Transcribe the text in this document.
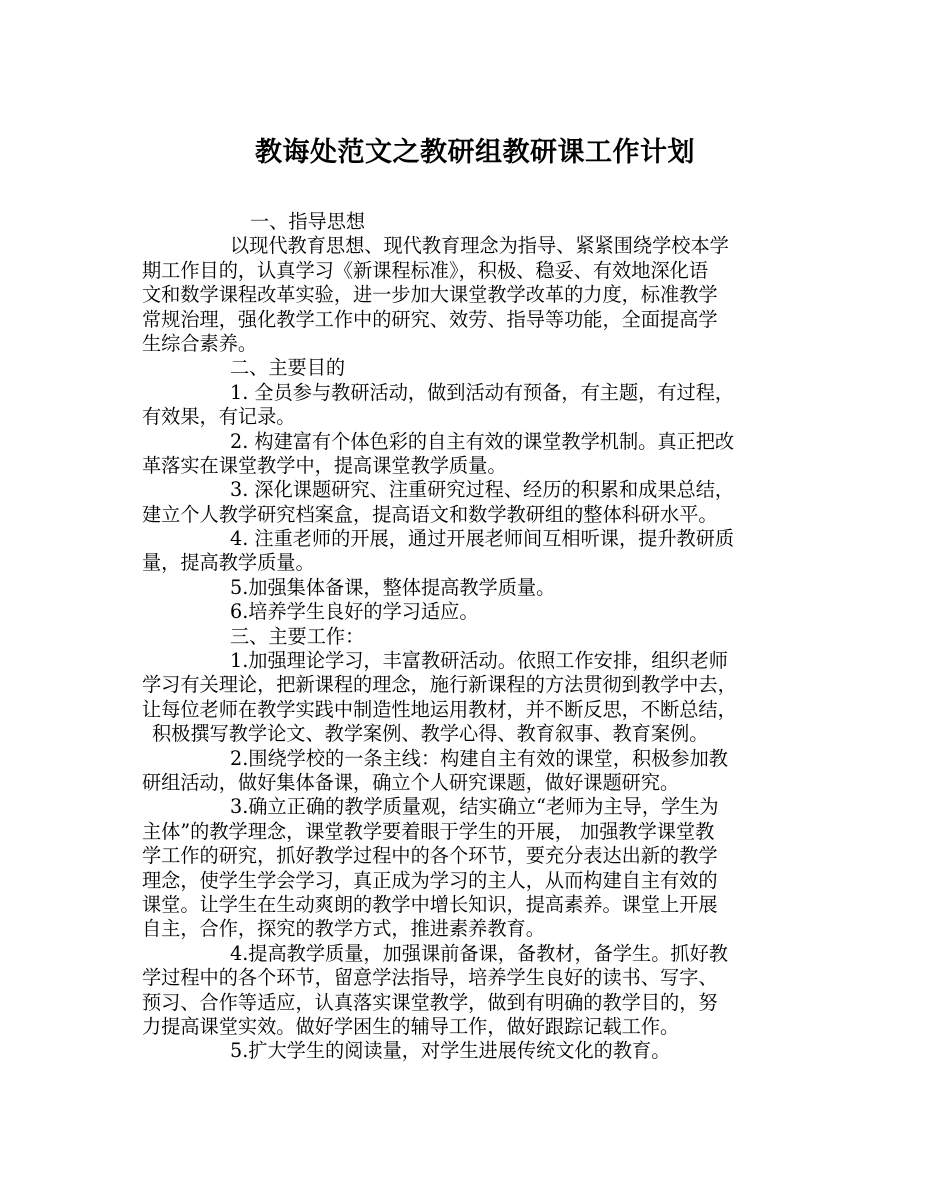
教诲处范文之教研组教研课工作计划
一、指导思想
以现代教育思想、现代教育理念为指导、紧紧围绕学校本学
期工作目的，认真学习《新课程标准》，积极、稳妥、有效地深化语
文和数学课程改革实验，进一步加大课堂教学改革的力度，标准教学
常规治理，强化教学工作中的研究、效劳、指导等功能，全面提高学
生综合素养。
二、主要目的
1. 全员参与教研活动，做到活动有预备，有主题，有过程，
有效果，有记录。
2. 构建富有个体色彩的自主有效的课堂教学机制。真正把改
革落实在课堂教学中，提高课堂教学质量。
3. 深化课题研究、注重研究过程、经历的积累和成果总结，
建立个人教学研究档案盒，提高语文和数学教研组的整体科研水平。
4. 注重老师的开展，通过开展老师间互相听课，提升教研质
量，提高教学质量。
5.加强集体备课，整体提高教学质量。
6.培养学生良好的学习适应。
三、主要工作：
1.加强理论学习，丰富教研活动。依照工作安排，组织老师
学习有关理论，把新课程的理念，施行新课程的方法贯彻到教学中去，
让每位老师在教学实践中制造性地运用教材，并不断反思，不断总结，
积极撰写教学论文、教学案例、教学心得、教育叙事、教育案例。
2.围绕学校的一条主线：构建自主有效的课堂，积极参加教
研组活动，做好集体备课，确立个人研究课题，做好课题研究。
3.确立正确的教学质量观，结实确立“老师为主导，学生为
主体”的教学理念，课堂教学要着眼于学生的开展， 加强教学课堂教
学工作的研究，抓好教学过程中的各个环节，要充分表达出新的教学
理念，使学生学会学习，真正成为学习的主人，从而构建自主有效的
课堂。让学生在生动爽朗的教学中增长知识，提高素养。课堂上开展
自主，合作，探究的教学方式，推进素养教育。
4.提高教学质量，加强课前备课，备教材，备学生。抓好教
学过程中的各个环节，留意学法指导，培养学生良好的读书、写字、
预习、合作等适应，认真落实课堂教学，做到有明确的教学目的，努
力提高课堂实效。做好学困生的辅导工作，做好跟踪记载工作。
5.扩大学生的阅读量，对学生进展传统文化的教育。
